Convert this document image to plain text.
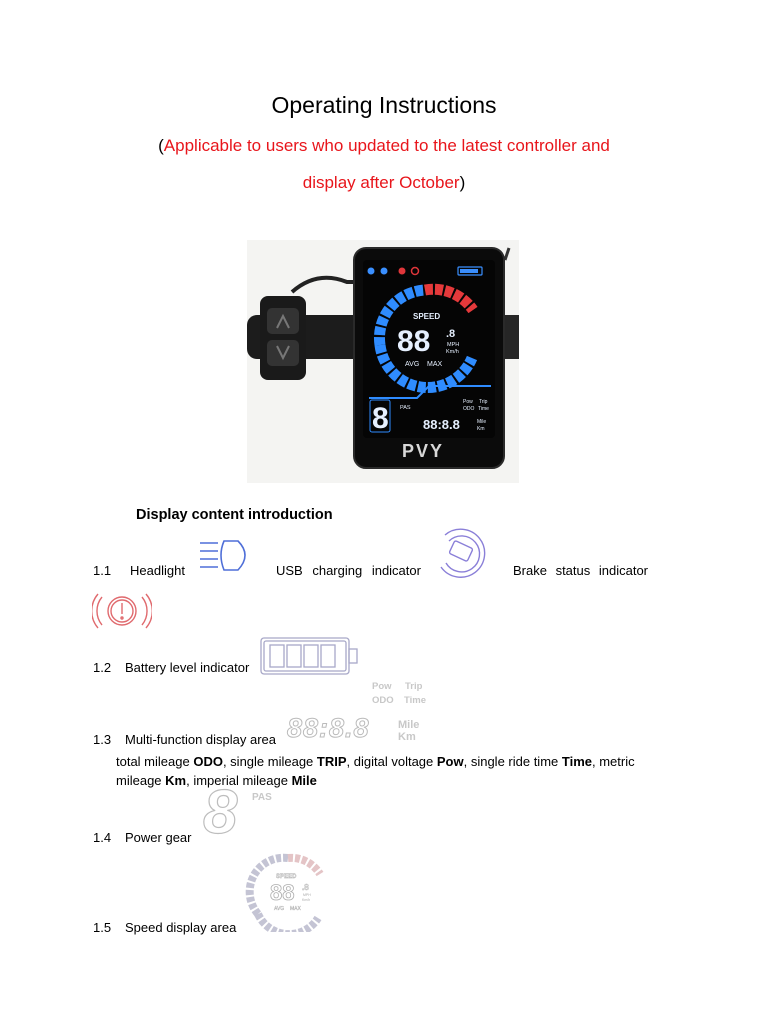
Operating Instructions
(Applicable to users who updated to the latest controller and
display after October)
SPEED
88 .8
MPH
Km/h
AVG MAX
8 PAS
Pow Trip
ODO Time
88:8.8	Mile
Km
PVY
Display content introduction
1.1 Headlight	USB charging indicator	Brake status indicator
1.2 Battery level indicator
Pow Trip
ODO Time
1.3 Multi-function display area 88:8.8	Mile
Km
total mileage ODO, single mileage TRIP, digital voltage Pow, single ride time Time, metric
mileage Km, imperial mileage Mile
8 PAS
1.4 Power gear
SPEED
88 .8
MPH
Km/h
AVG MAX
1.5 Speed display area
